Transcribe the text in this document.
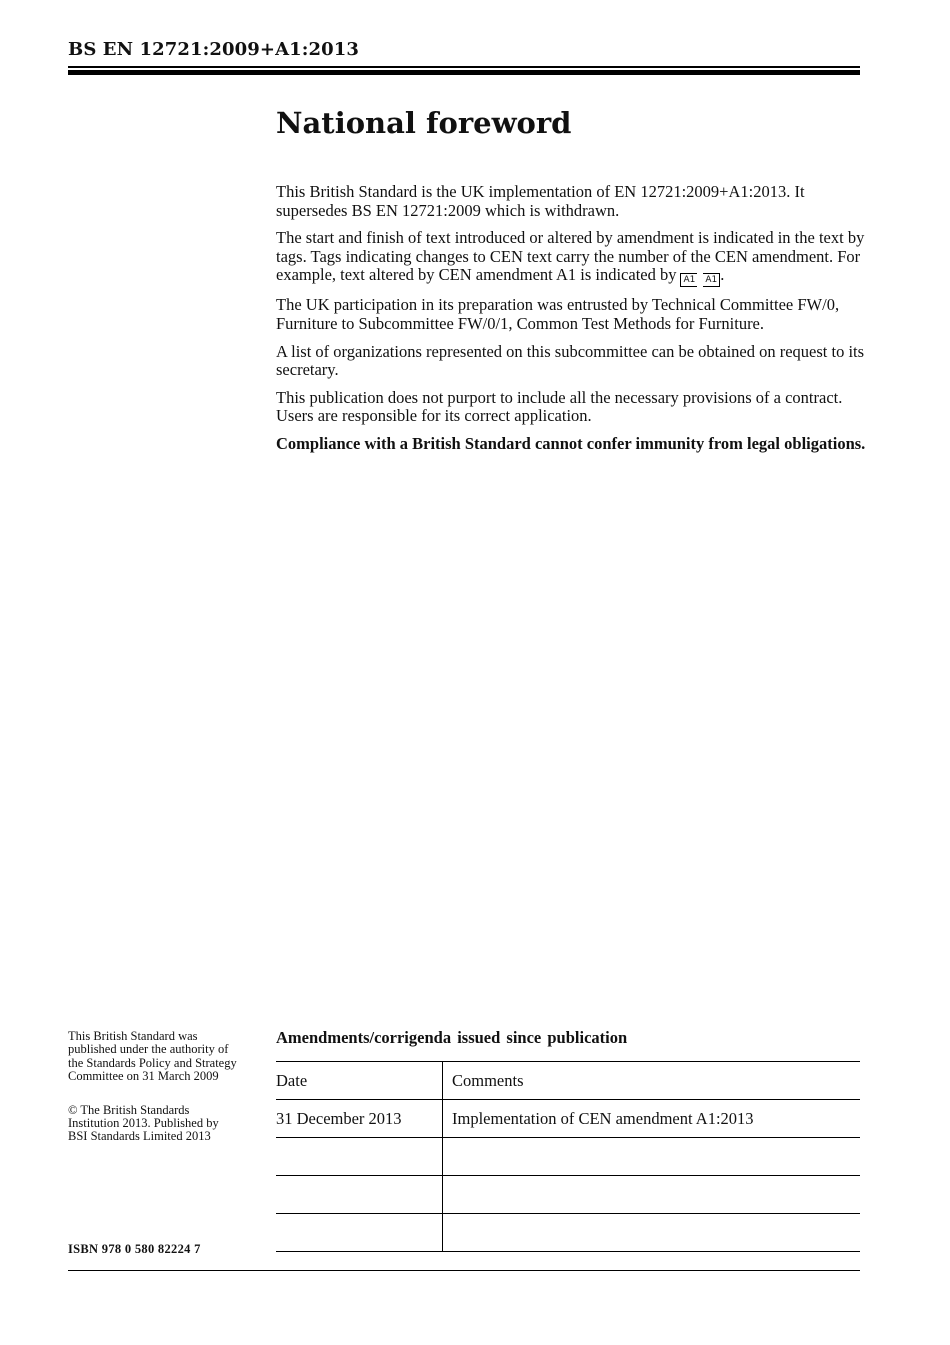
BS EN 12721:2009+A1:2013
National foreword

This British Standard is the UK implementation of EN 12721:2009+A1:2013. It supersedes BS EN 12721:2009 which is withdrawn.

The start and finish of text introduced or altered by amendment is indicated in the text by tags. Tags indicating changes to CEN text carry the number of the CEN amendment. For example, text altered by CEN amendment A1 is indicated by A1 A1 .

The UK participation in its preparation was entrusted by Technical Committee FW/0, Furniture to Subcommittee FW/0/1, Common Test Methods for Furniture.

A list of organizations represented on this subcommittee can be obtained on request to its secretary.

This publication does not purport to include all the necessary provisions of a contract. Users are responsible for its correct application.

Compliance with a British Standard cannot confer immunity from legal obligations.

This British Standard was published under the authority of the Standards Policy and Strategy Committee on 31 March 2009

© The British Standards Institution 2013. Published by BSI Standards Limited 2013

ISBN 978 0 580 82224 7
Amendments/corrigenda issued since publication
Date	Comments
31 December 2013	Implementation of CEN amendment A1:2013
